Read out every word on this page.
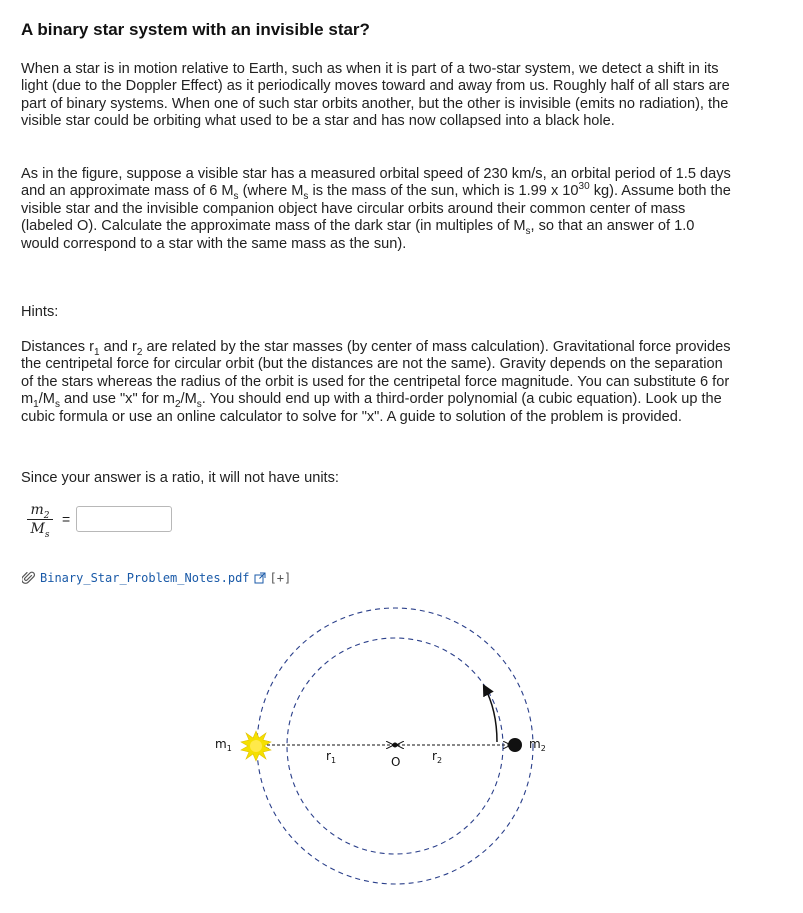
A binary star system with an invisible star?

When a star is in motion relative to Earth, such as when it is part of a two-star system, we detect a shift in its light (due to the Doppler Effect) as it periodically moves toward and away from us. Roughly half of all stars are part of binary systems. When one of such star orbits another, but the other is invisible (emits no radiation), the visible star could be orbiting what used to be a star and has now collapsed into a black hole.

As in the figure, suppose a visible star has a measured orbital speed of 230 km/s, an orbital period of 1.5 days and an approximate mass of 6 $M_s$ (where $M_s$ is the mass of the sun, which is 1.99 x $10^{30}$ kg). Assume both the visible star and the invisible companion object have circular orbits around their common center of mass (labeled O). Calculate the approximate mass of the dark star (in multiples of $M_s$, so that an answer of 1.0 would correspond to a star with the same mass as the sun).

Hints:

Distances $r_1$ and $r_2$ are related by the star masses (by center of mass calculation). Gravitational force provides the centripetal force for circular orbit (but the distances are not the same). Gravity depends on the separation of the stars whereas the radius of the orbit is used for the centripetal force magnitude. You can substitute 6 for $m_1/M_s$ and use "x" for $m_2/M_s$. You should end up with a third-order polynomial (a cubic equation). Look up the cubic formula or use an online calculator to solve for "x". A guide to solution of the problem is provided.

Since your answer is a ratio, it will not have units:

$\frac{m_2}{M_s}$ =
Binary_Star_Problem_Notes.pdf [+]
$m_1$	$m_2$
$r_1$	$r_2$
O
